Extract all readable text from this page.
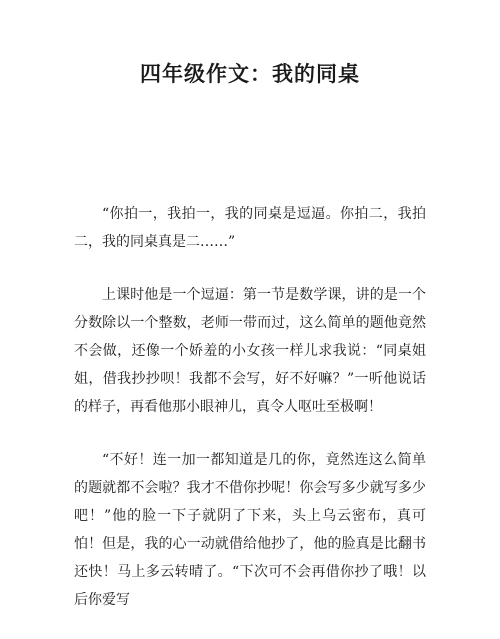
四年级作文：我的同桌

“你拍一，我拍一，我的同桌是逗逼。你拍二，我拍二，我的同桌真是二……”

上课时他是一个逗逼：第一节是数学课，讲的是一个分数除以一个整数，老师一带而过，这么简单的题他竟然不会做，还像一个娇羞的小女孩一样儿求我说：“同桌姐姐，借我抄抄呗！我都不会写，好不好嘛？”一听他说话的样子，再看他那小眼神儿，真令人呕吐至极啊！

“不好！连一加一都知道是几的你，竟然连这么简单的题就都不会啦？我才不借你抄呢！你会写多少就写多少吧！”他的脸一下子就阴了下来，头上乌云密布，真可怕！但是，我的心一动就借给他抄了，他的脸真是比翻书还快！马上多云转晴了。“下次可不会再借你抄了哦！以后你爱写
